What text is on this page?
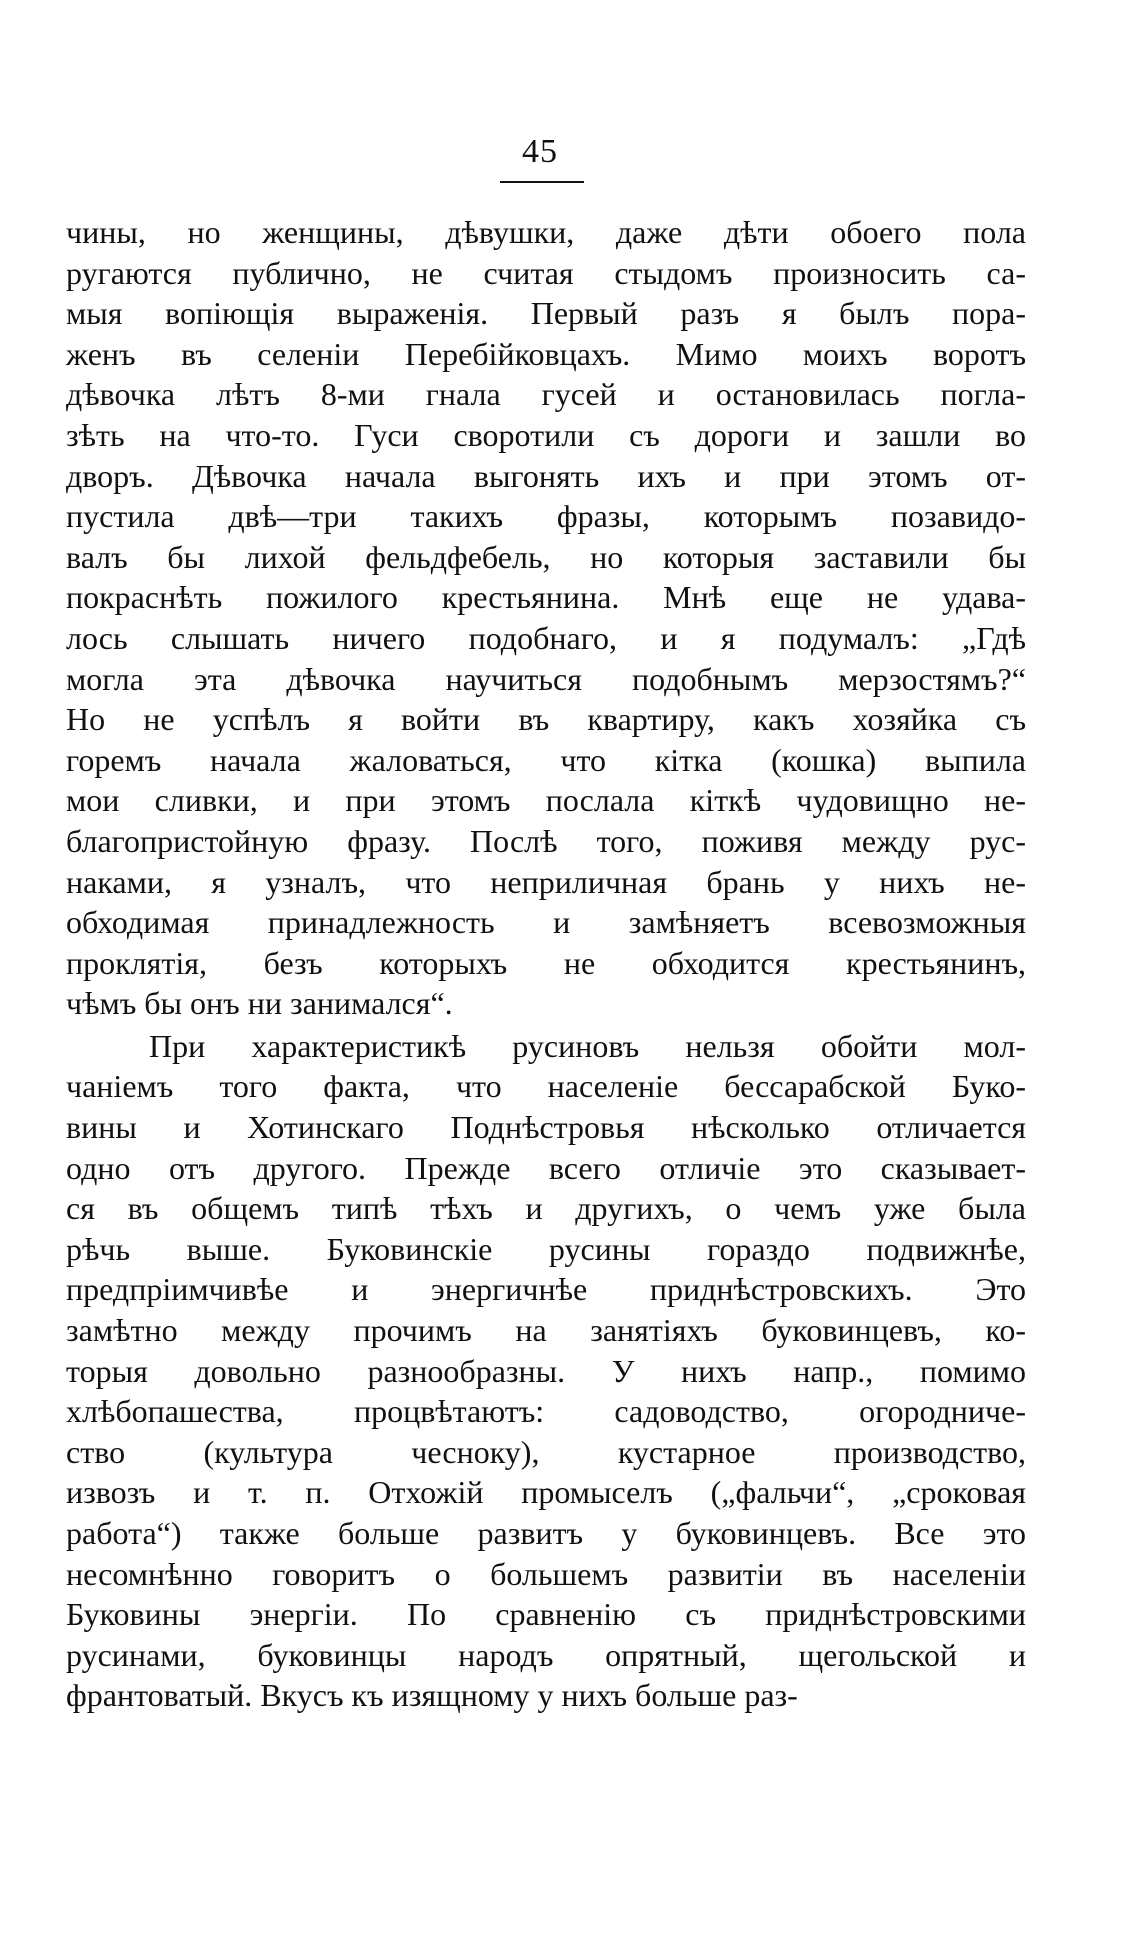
45
чины, но женщины, дѣвушки, даже дѣти обоего пола
ругаются публично, не считая стыдомъ произносить са-
мыя вопіющія выраженія. Первый разъ я былъ пора-
женъ въ селеніи Перебійковцахъ. Мимо моихъ воротъ
дѣвочка лѣтъ 8-ми гнала гусей и остановилась погла-
зѣть на что-то. Гуси своротили съ дороги и зашли во
дворъ. Дѣвочка начала выгонять ихъ и при этомъ от-
пустила двѣ—три такихъ фразы, которымъ позавидо-
валъ бы лихой фельдфебель, но которыя заставили бы
покраснѣть пожилого крестьянина. Мнѣ еще не удава-
лось слышать ничего подобнаго, и я подумалъ: „Гдѣ
могла эта дѣвочка научиться подобнымъ мерзостямъ?“
Но не успѣлъ я войти въ квартиру, какъ хозяйка съ
горемъ начала жаловаться, что кітка (кошка) выпила
мои сливки, и при этомъ послала кіткѣ чудовищно не-
благопристойную фразу. Послѣ того, поживя между рус-
наками, я узналъ, что неприличная брань у нихъ не-
обходимая принадлежность и замѣняетъ всевозможныя
проклятія, безъ которыхъ не обходится крестьянинъ,
чѣмъ бы онъ ни занимался“.
При характеристикѣ русиновъ нельзя обойти мол-
чаніемъ того факта, что населеніе бессарабской Буко-
вины и Хотинскаго Поднѣстровья нѣсколько отличается
одно отъ другого. Прежде всего отличіе это сказывает-
ся въ общемъ типѣ тѣхъ и другихъ, о чемъ уже была
рѣчь выше. Буковинскіе русины гораздо подвижнѣе,
предпріимчивѣе и энергичнѣе приднѣстровскихъ. Это
замѣтно между прочимъ на занятіяхъ буковинцевъ, ко-
торыя довольно разнообразны. У нихъ напр., помимо
хлѣбопашества, процвѣтаютъ: садоводство, огородниче-
ство (культура чесноку), кустарное производство,
извозъ и т. п. Отхожій промыселъ („фальчи“, „сроковая
работа“) также больше развитъ у буковинцевъ. Все это
несомнѣнно говоритъ о большемъ развитіи въ населеніи
Буковины энергіи. По сравненію съ приднѣстровскими
русинами, буковинцы народъ опрятный, щегольской и
франтоватый. Вкусъ къ изящному у нихъ больше раз-
